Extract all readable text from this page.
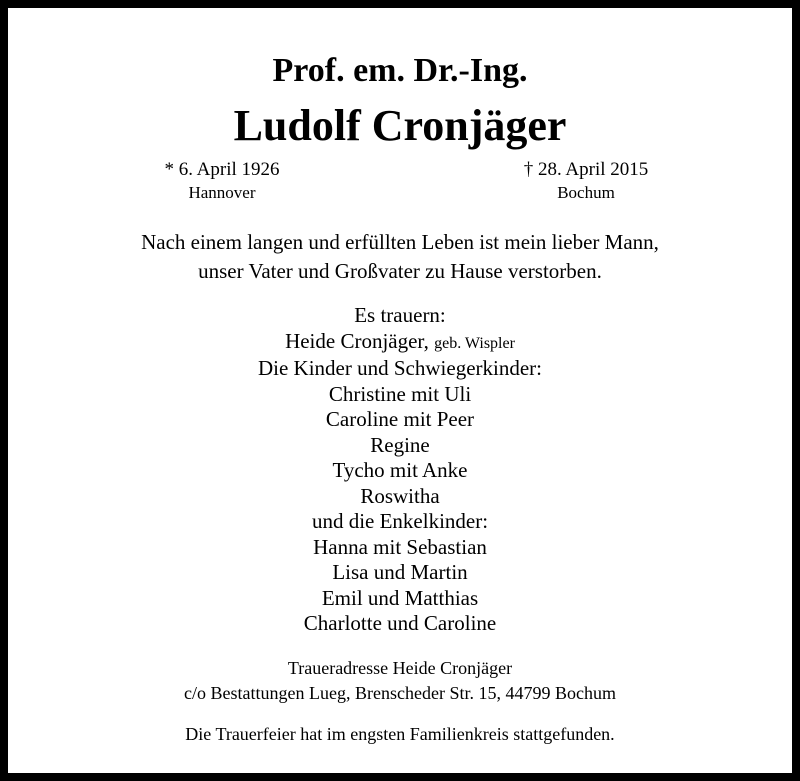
Prof. em. Dr.-Ing.
Ludolf Cronjäger
* 6. April 1926
Hannover
† 28. April 2015
Bochum
Nach einem langen und erfüllten Leben ist mein lieber Mann,
unser Vater und Großvater zu Hause verstorben.
Es trauern:
Heide Cronjäger, geb. Wispler
Die Kinder und Schwiegerkinder:
Christine mit Uli
Caroline mit Peer
Regine
Tycho mit Anke
Roswitha
und die Enkelkinder:
Hanna mit Sebastian
Lisa und Martin
Emil und Matthias
Charlotte und Caroline
Traueradresse Heide Cronjäger
c/o Bestattungen Lueg, Brenscheder Str. 15, 44799 Bochum
Die Trauerfeier hat im engsten Familienkreis stattgefunden.
